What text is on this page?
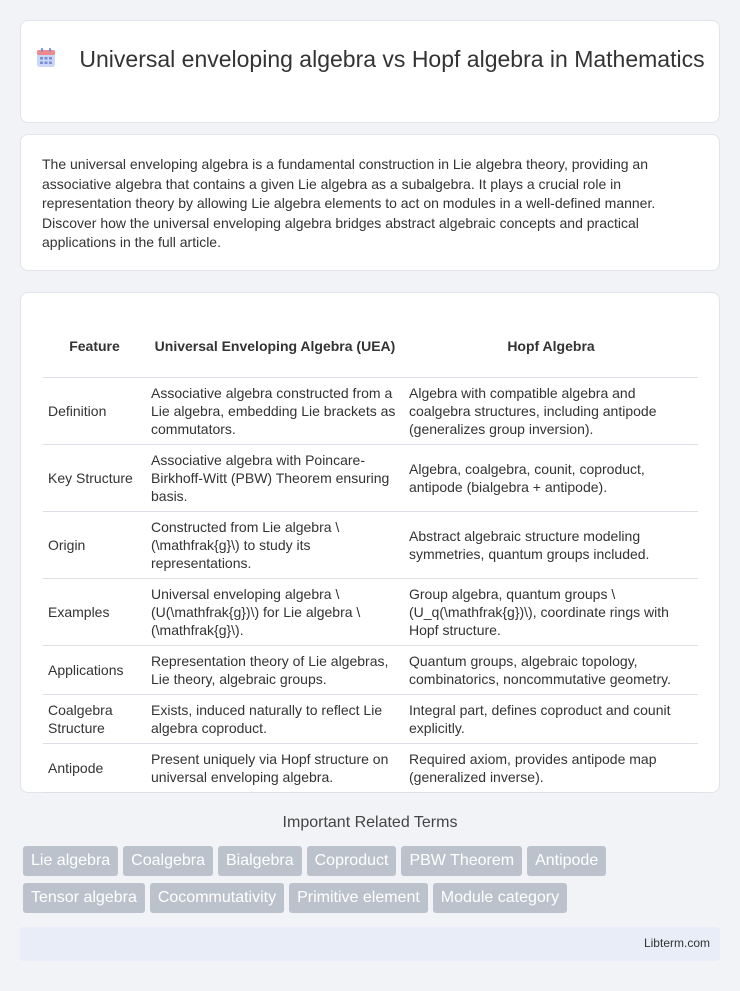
Universal enveloping algebra vs Hopf algebra in Mathematics

The universal enveloping algebra is a fundamental construction in Lie algebra theory, providing an associative algebra that contains a given Lie algebra as a subalgebra. It plays a crucial role in representation theory by allowing Lie algebra elements to act on modules in a well-defined manner. Discover how the universal enveloping algebra bridges abstract algebraic concepts and practical applications in the full article.

Feature	Universal Enveloping Algebra (UEA)	Hopf Algebra
Definition	Associative algebra constructed from a Lie algebra, embedding Lie brackets as commutators.	Algebra with compatible algebra and coalgebra structures, including antipode (generalizes group inversion).
Key Structure	Associative algebra with Poincare-Birkhoff-Witt (PBW) Theorem ensuring basis.	Algebra, coalgebra, counit, coproduct, antipode (bialgebra + antipode).
Origin	Constructed from Lie algebra \(\mathfrak{g}\) to study its representations.	Abstract algebraic structure modeling symmetries, quantum groups included.
Examples	Universal enveloping algebra \(U(\mathfrak{g})\) for Lie algebra \(\mathfrak{g}\).	Group algebra, quantum groups \(U_q(\mathfrak{g})\), coordinate rings with Hopf structure.
Applications	Representation theory of Lie algebras, Lie theory, algebraic groups.	Quantum groups, algebraic topology, combinatorics, noncommutative geometry.
Coalgebra Structure	Exists, induced naturally to reflect Lie algebra coproduct.	Integral part, defines coproduct and counit explicitly.
Antipode	Present uniquely via Hopf structure on universal enveloping algebra.	Required axiom, provides antipode map (generalized inverse).
Important Related Terms
Lie algebra Coalgebra Bialgebra Coproduct PBW Theorem Antipode
Tensor algebra Cocommutativity Primitive element Module category
Libterm.com
